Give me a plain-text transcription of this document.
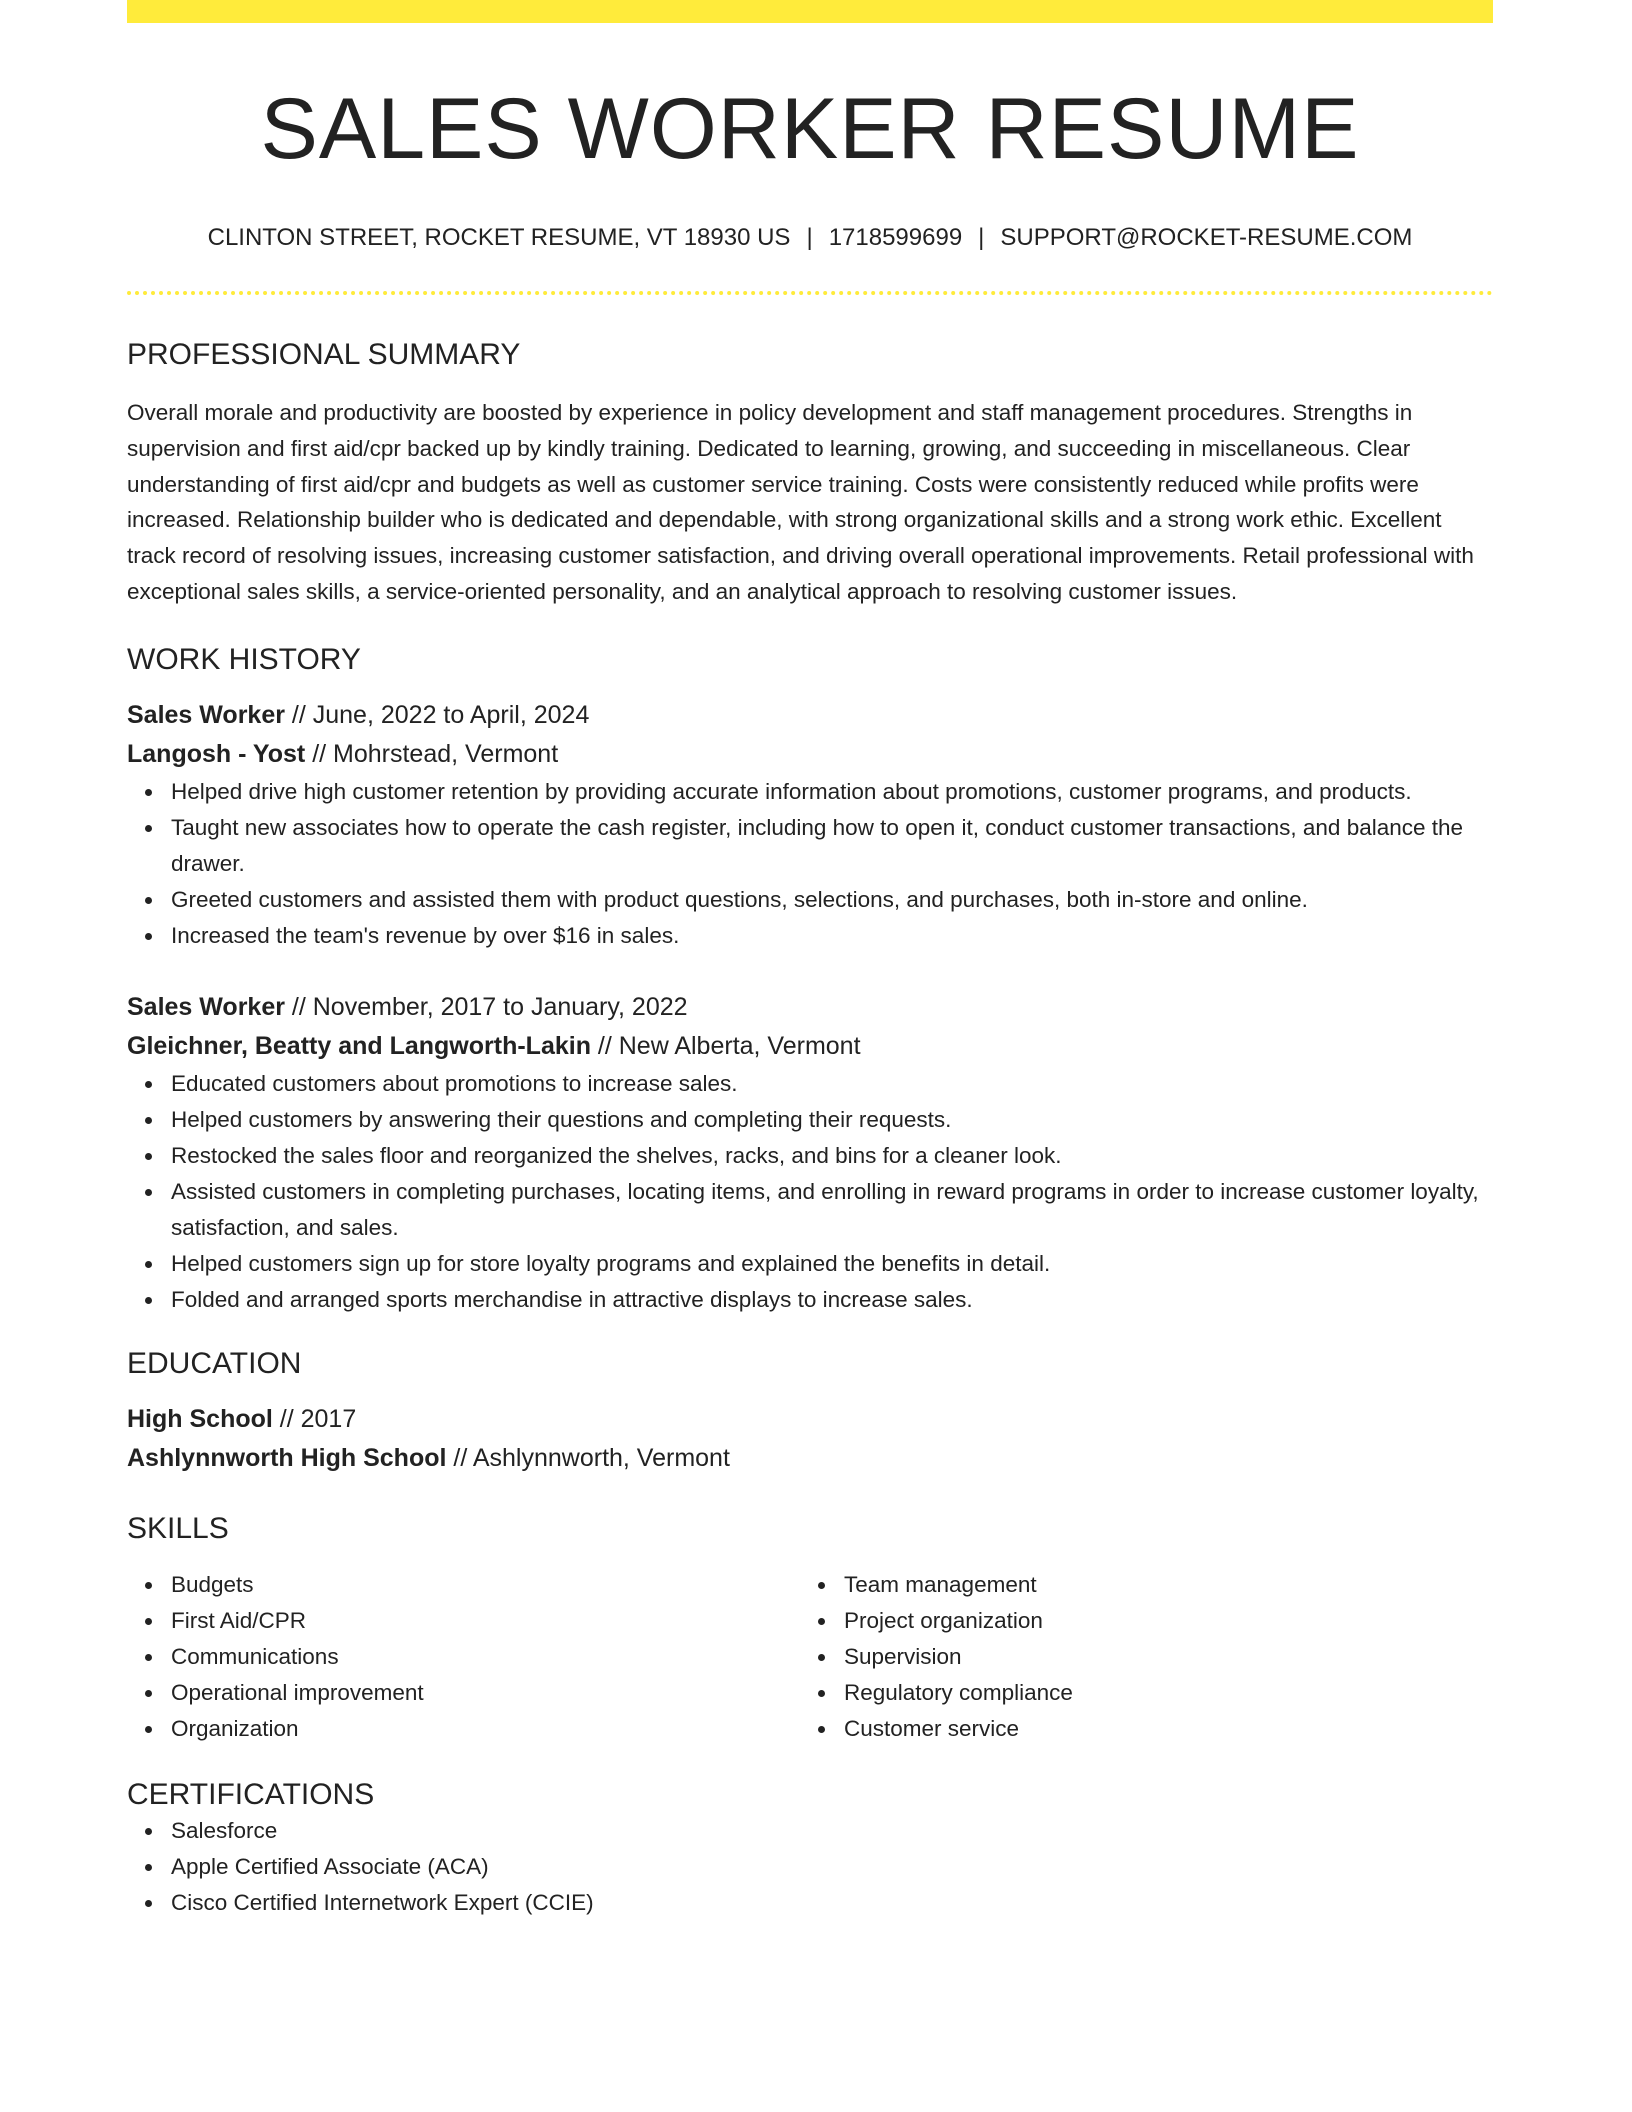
SALES WORKER RESUME
CLINTON STREET, ROCKET RESUME, VT 18930 US | 1718599699 | SUPPORT@ROCKET-RESUME.COM
PROFESSIONAL SUMMARY

Overall morale and productivity are boosted by experience in policy development and staff management procedures. Strengths in supervision and first aid/cpr backed up by kindly training. Dedicated to learning, growing, and succeeding in miscellaneous. Clear understanding of first aid/cpr and budgets as well as customer service training. Costs were consistently reduced while profits were increased. Relationship builder who is dedicated and dependable, with strong organizational skills and a strong work ethic. Excellent track record of resolving issues, increasing customer satisfaction, and driving overall operational improvements. Retail professional with exceptional sales skills, a service-oriented personality, and an analytical approach to resolving customer issues.

WORK HISTORY
Sales Worker // June, 2022 to April, 2024
Langosh - Yost // Mohrstead, Vermont
Helped drive high customer retention by providing accurate information about promotions, customer programs, and products.
Taught new associates how to operate the cash register, including how to open it, conduct customer transactions, and balance the drawer.
Greeted customers and assisted them with product questions, selections, and purchases, both in-store and online.
Increased the team's revenue by over $16 in sales.
Sales Worker // November, 2017 to January, 2022
Gleichner, Beatty and Langworth-Lakin // New Alberta, Vermont
Educated customers about promotions to increase sales.
Helped customers by answering their questions and completing their requests.
Restocked the sales floor and reorganized the shelves, racks, and bins for a cleaner look.
Assisted customers in completing purchases, locating items, and enrolling in reward programs in order to increase customer loyalty, satisfaction, and sales.
Helped customers sign up for store loyalty programs and explained the benefits in detail.
Folded and arranged sports merchandise in attractive displays to increase sales.
EDUCATION
High School // 2017
Ashlynnworth High School // Ashlynnworth, Vermont
SKILLS
Budgets
First Aid/CPR
Communications
Operational improvement
Organization
Team management
Project organization
Supervision
Regulatory compliance
Customer service
CERTIFICATIONS
Salesforce
Apple Certified Associate (ACA)
Cisco Certified Internetwork Expert (CCIE)
